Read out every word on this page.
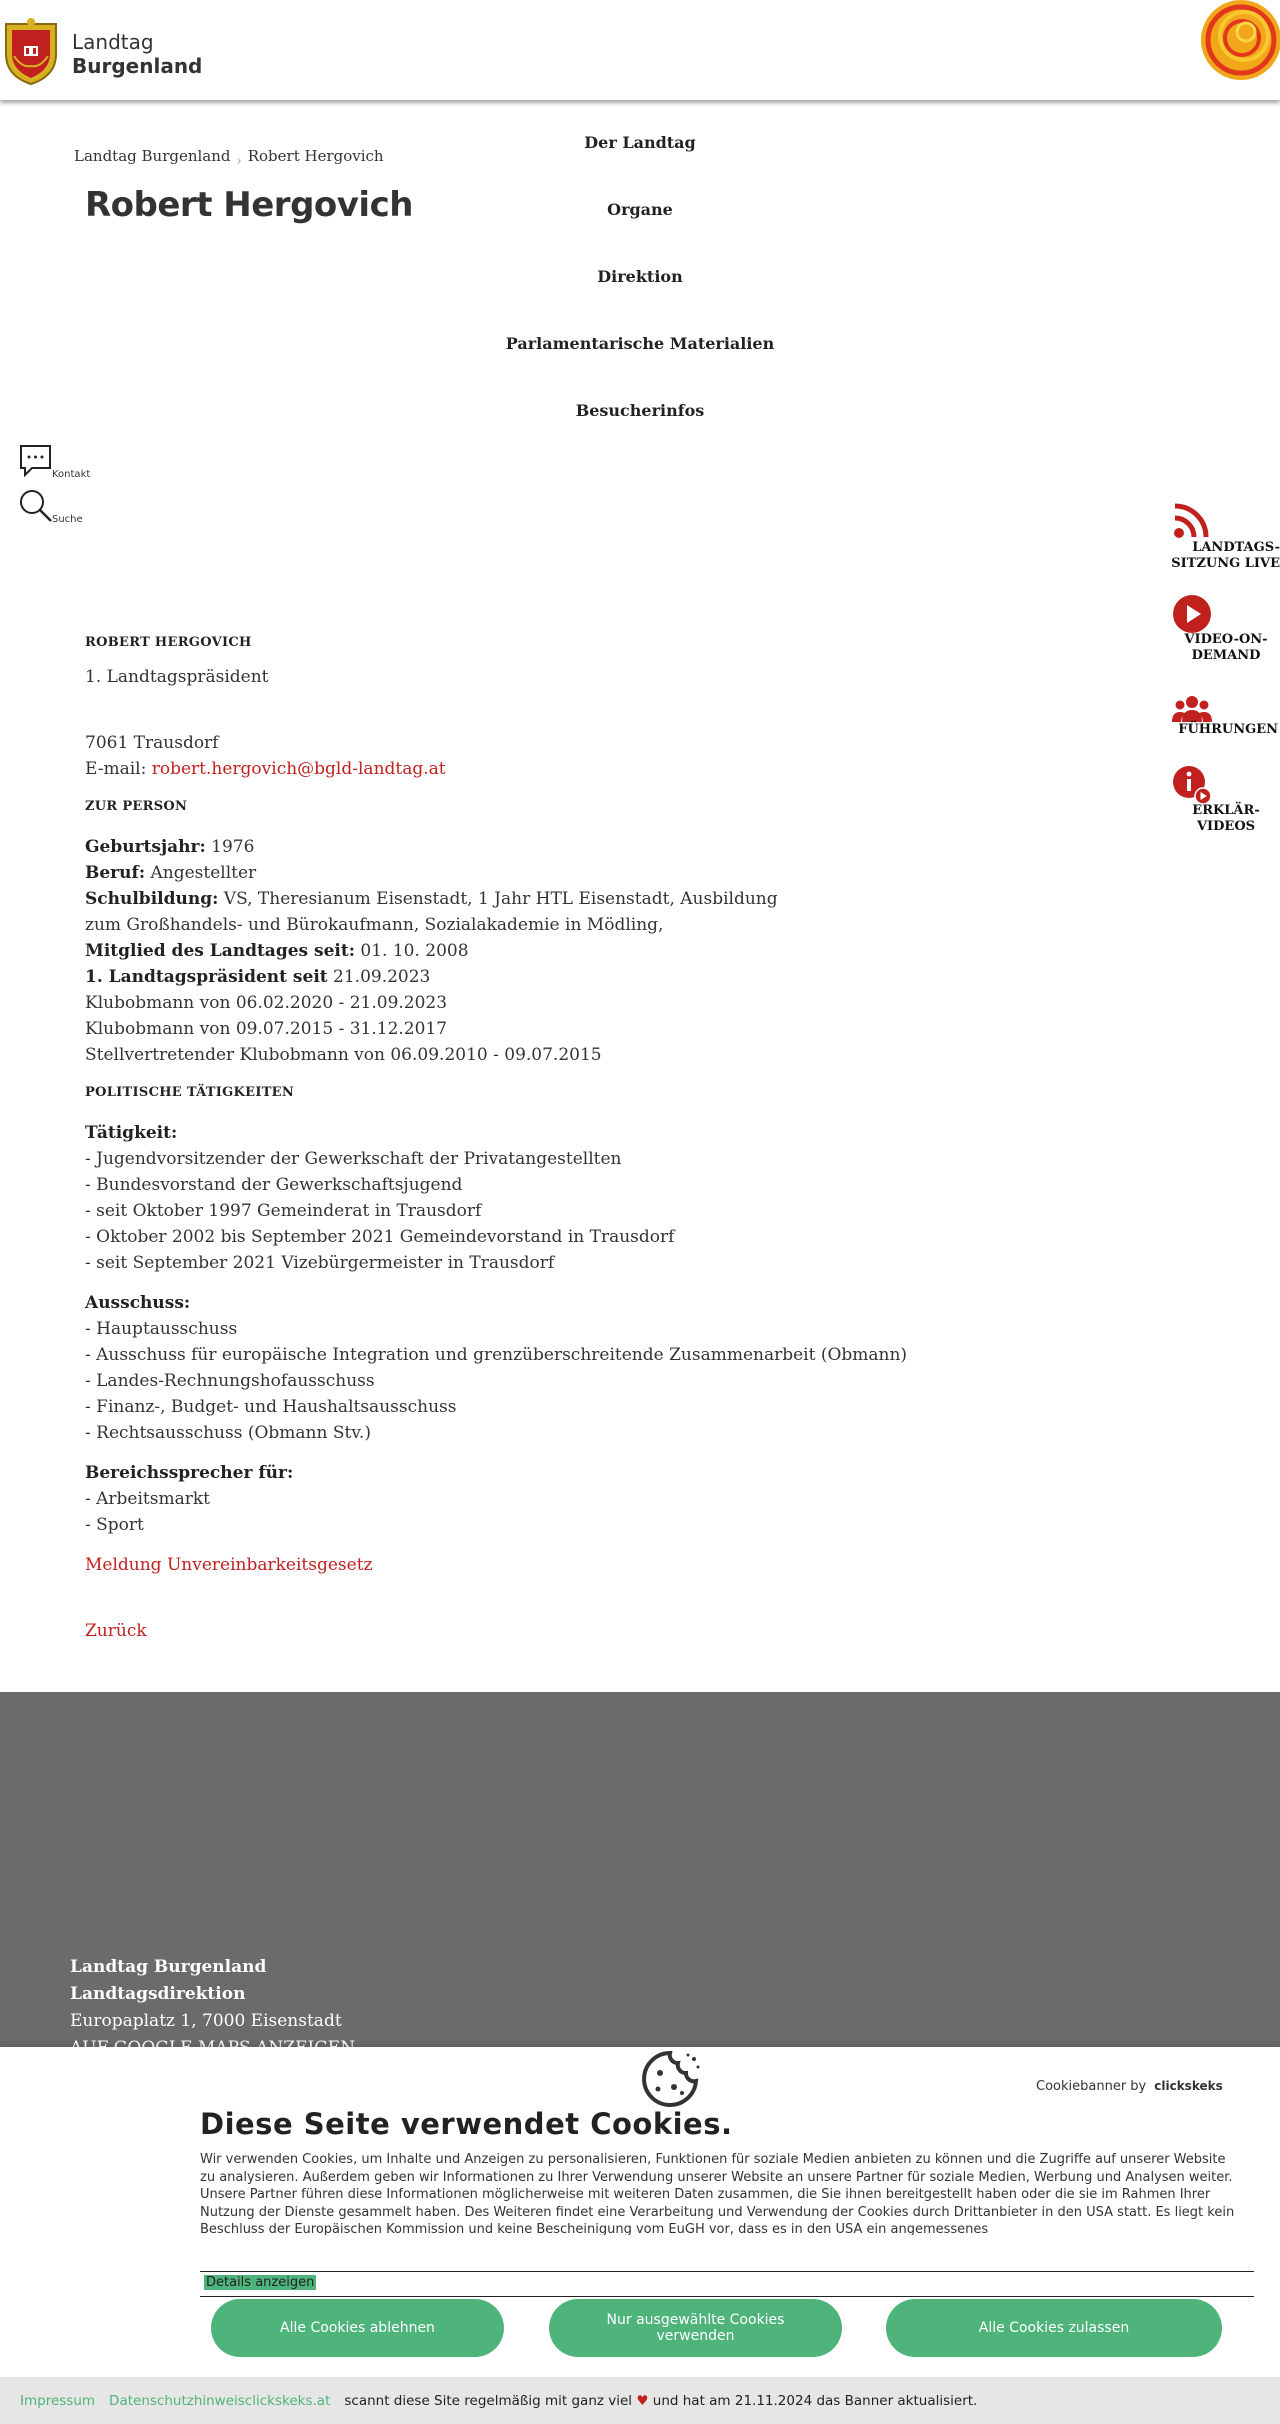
Landtag
Burgenland
Landtag Burgenland › Robert Hergovich
Robert Hergovich
Der Landtag
Organe
Direktion
Parlamentarische Materialien
Besucherinfos
Kontakt
Suche
LANDTAGS-
SITZUNG LIVE
VIDEO-ON-
DEMAND
FÜHRUNGEN
ERKLÄR-
VIDEOS
ROBERT HERGOVICH
1. Landtagspräsident
7061 Trausdorf
E-mail: robert.hergovich@bgld-landtag.at
ZUR PERSON
Geburtsjahr: 1976
Beruf: Angestellter
Schulbildung: VS, Theresianum Eisenstadt, 1 Jahr HTL Eisenstadt, Ausbildung zum Großhandels- und Bürokaufmann, Sozialakademie in Mödling,
Mitglied des Landtages seit: 01. 10. 2008
1. Landtagspräsident seit 21.09.2023
Klubobmann von 06.02.2020 - 21.09.2023
Klubobmann von 09.07.2015 - 31.12.2017
Stellvertretender Klubobmann von 06.09.2010 - 09.07.2015
POLITISCHE TÄTIGKEITEN
Tätigkeit:
- Jugendvorsitzender der Gewerkschaft der Privatangestellten
- Bundesvorstand der Gewerkschaftsjugend
- seit Oktober 1997 Gemeinderat in Trausdorf
- Oktober 2002 bis September 2021 Gemeindevorstand in Trausdorf
- seit September 2021 Vizebürgermeister in Trausdorf
Ausschuss:
- Hauptausschuss
- Ausschuss für europäische Integration und grenzüberschreitende Zusammenarbeit (Obmann)
- Landes-Rechnungshofausschuss
- Finanz-, Budget- und Haushaltsausschuss
- Rechtsausschuss (Obmann Stv.)
Bereichssprecher für:
- Arbeitsmarkt
- Sport
Meldung Unvereinbarkeitsgesetz
Zurück
Landtag Burgenland
Landtagsdirektion
Europaplatz 1, 7000 Eisenstadt
Cookiebanner by clickskeks
Diese Seite verwendet Cookies.
Wir verwenden Cookies, um Inhalte und Anzeigen zu personalisieren, Funktionen für soziale Medien anbieten zu können und die Zugriffe auf unserer Website zu analysieren. Außerdem geben wir Informationen zu Ihrer Verwendung unserer Website an unsere Partner für soziale Medien, Werbung und Analysen weiter. Unsere Partner führen diese Informationen möglicherweise mit weiteren Daten zusammen, die Sie ihnen bereitgestellt haben oder die sie im Rahmen Ihrer Nutzung der Dienste gesammelt haben. Des Weiteren findet eine Verarbeitung und Verwendung der Cookies durch Drittanbieter in den USA statt. Es liegt kein Beschluss der Europäischen Kommission und keine Bescheinigung vom EuGH vor, dass es in den USA ein angemessenes
Details anzeigen
Alle Cookies ablehnen	Nur ausgewählte Cookies verwenden	Alle Cookies zulassen
Impressum Datenschutzhinweisclickskeks.at scannt diese Site regelmäßig mit ganz viel ♥ und hat am 21.11.2024 das Banner aktualisiert.
